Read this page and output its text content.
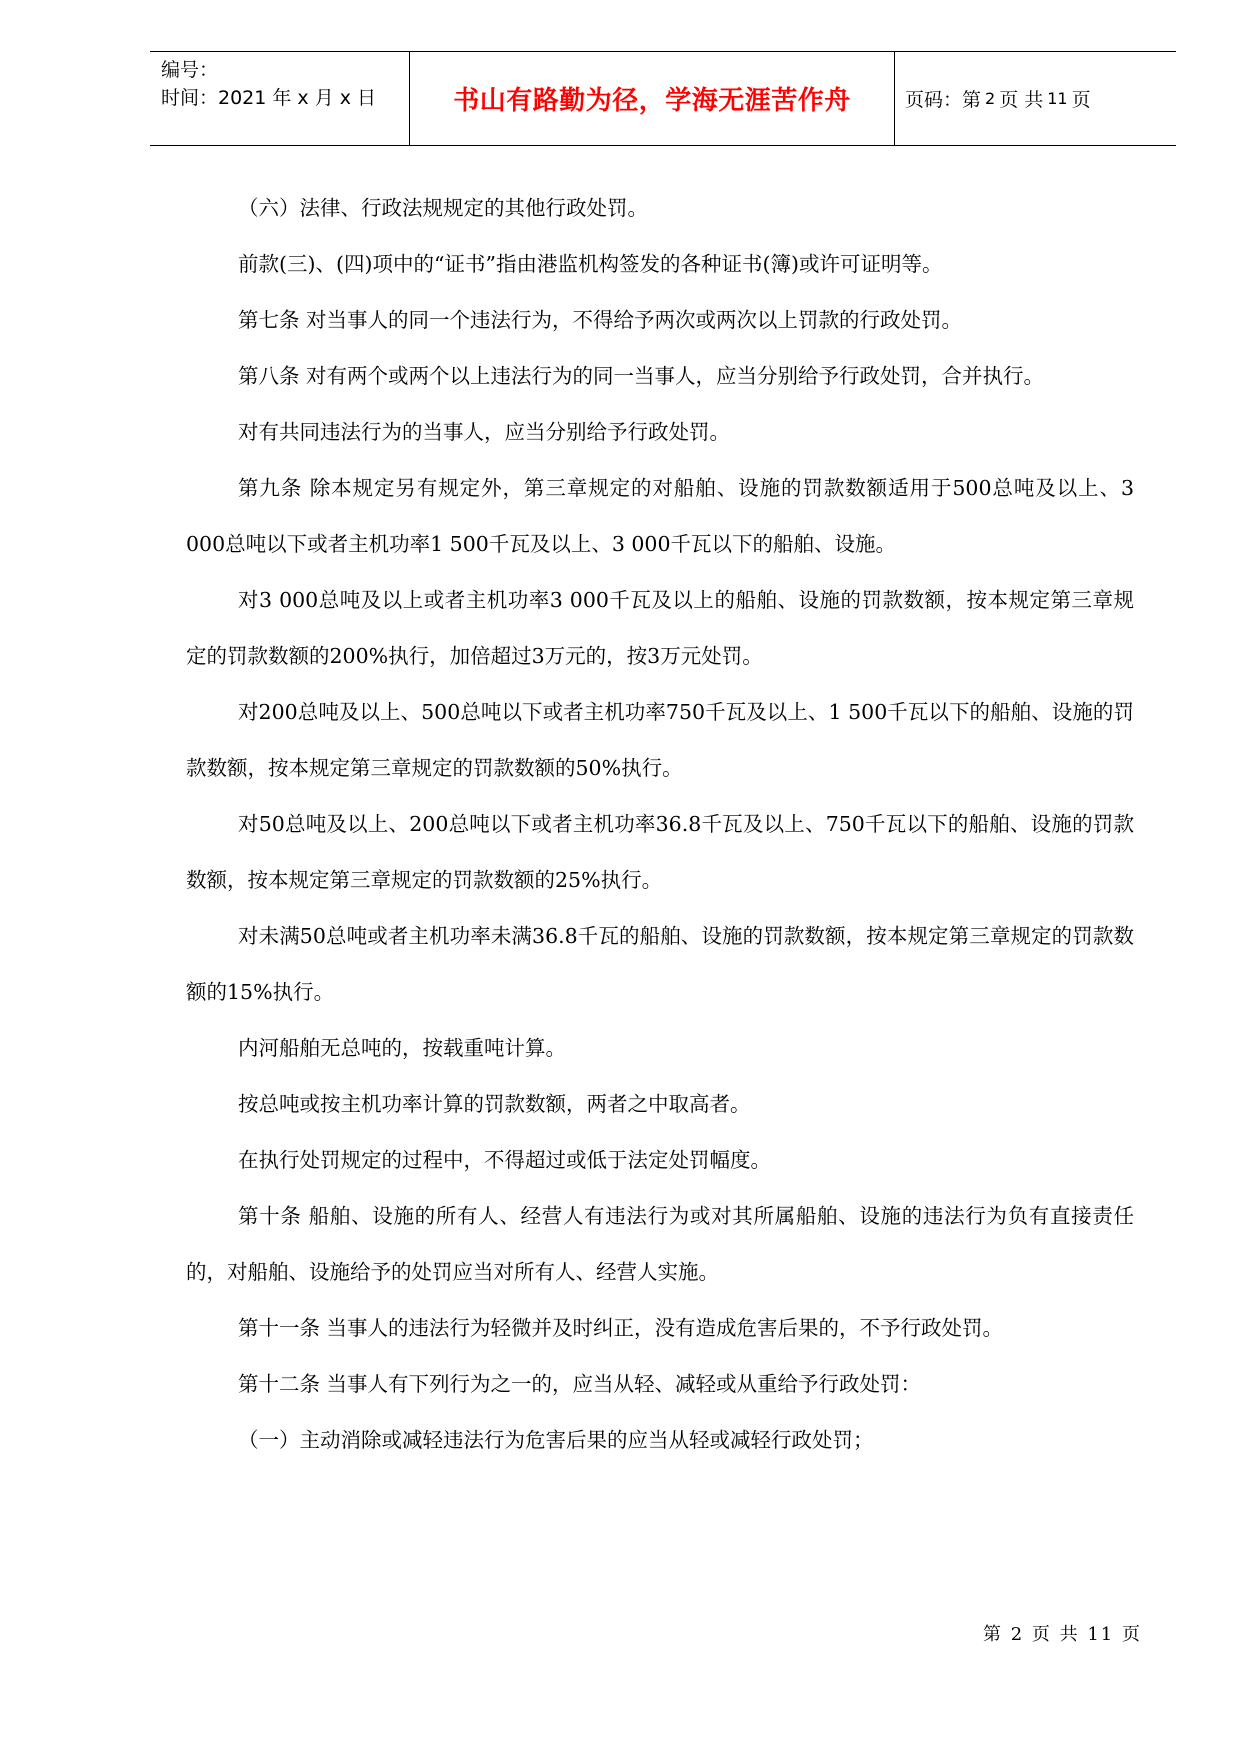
编号：
时间：2021 年 x 月 x 日	书山有路勤为径，学海无涯苦作舟	页码：第 2 页 共 11 页

（六）法律、行政法规规定的其他行政处罚。

前款(三)、(四)项中的“证书”指由港监机构签发的各种证书(簿)或许可证明等。

第七条 对当事人的同一个违法行为，不得给予两次或两次以上罚款的行政处罚。

第八条 对有两个或两个以上违法行为的同一当事人，应当分别给予行政处罚，合并执行。

对有共同违法行为的当事人，应当分别给予行政处罚。

第九条 除本规定另有规定外，第三章规定的对船舶、设施的罚款数额适用于500总吨及以上、3 000总吨以下或者主机功率1 500千瓦及以上、3 000千瓦以下的船舶、设施。

对3 000总吨及以上或者主机功率3 000千瓦及以上的船舶、设施的罚款数额，按本规定第三章规定的罚款数额的200%执行，加倍超过3万元的，按3万元处罚。

对200总吨及以上、500总吨以下或者主机功率750千瓦及以上、1 500千瓦以下的船舶、设施的罚款数额，按本规定第三章规定的罚款数额的50%执行。

对50总吨及以上、200总吨以下或者主机功率36.8千瓦及以上、750千瓦以下的船舶、设施的罚款数额，按本规定第三章规定的罚款数额的25%执行。

对未满50总吨或者主机功率未满36.8千瓦的船舶、设施的罚款数额，按本规定第三章规定的罚款数额的15%执行。

内河船舶无总吨的，按载重吨计算。

按总吨或按主机功率计算的罚款数额，两者之中取高者。

在执行处罚规定的过程中，不得超过或低于法定处罚幅度。

第十条 船舶、设施的所有人、经营人有违法行为或对其所属船舶、设施的违法行为负有直接责任的，对船舶、设施给予的处罚应当对所有人、经营人实施。

第十一条 当事人的违法行为轻微并及时纠正，没有造成危害后果的，不予行政处罚。

第十二条 当事人有下列行为之一的，应当从轻、减轻或从重给予行政处罚：

（一）主动消除或减轻违法行为危害后果的应当从轻或减轻行政处罚；

第 2 页 共 11 页
